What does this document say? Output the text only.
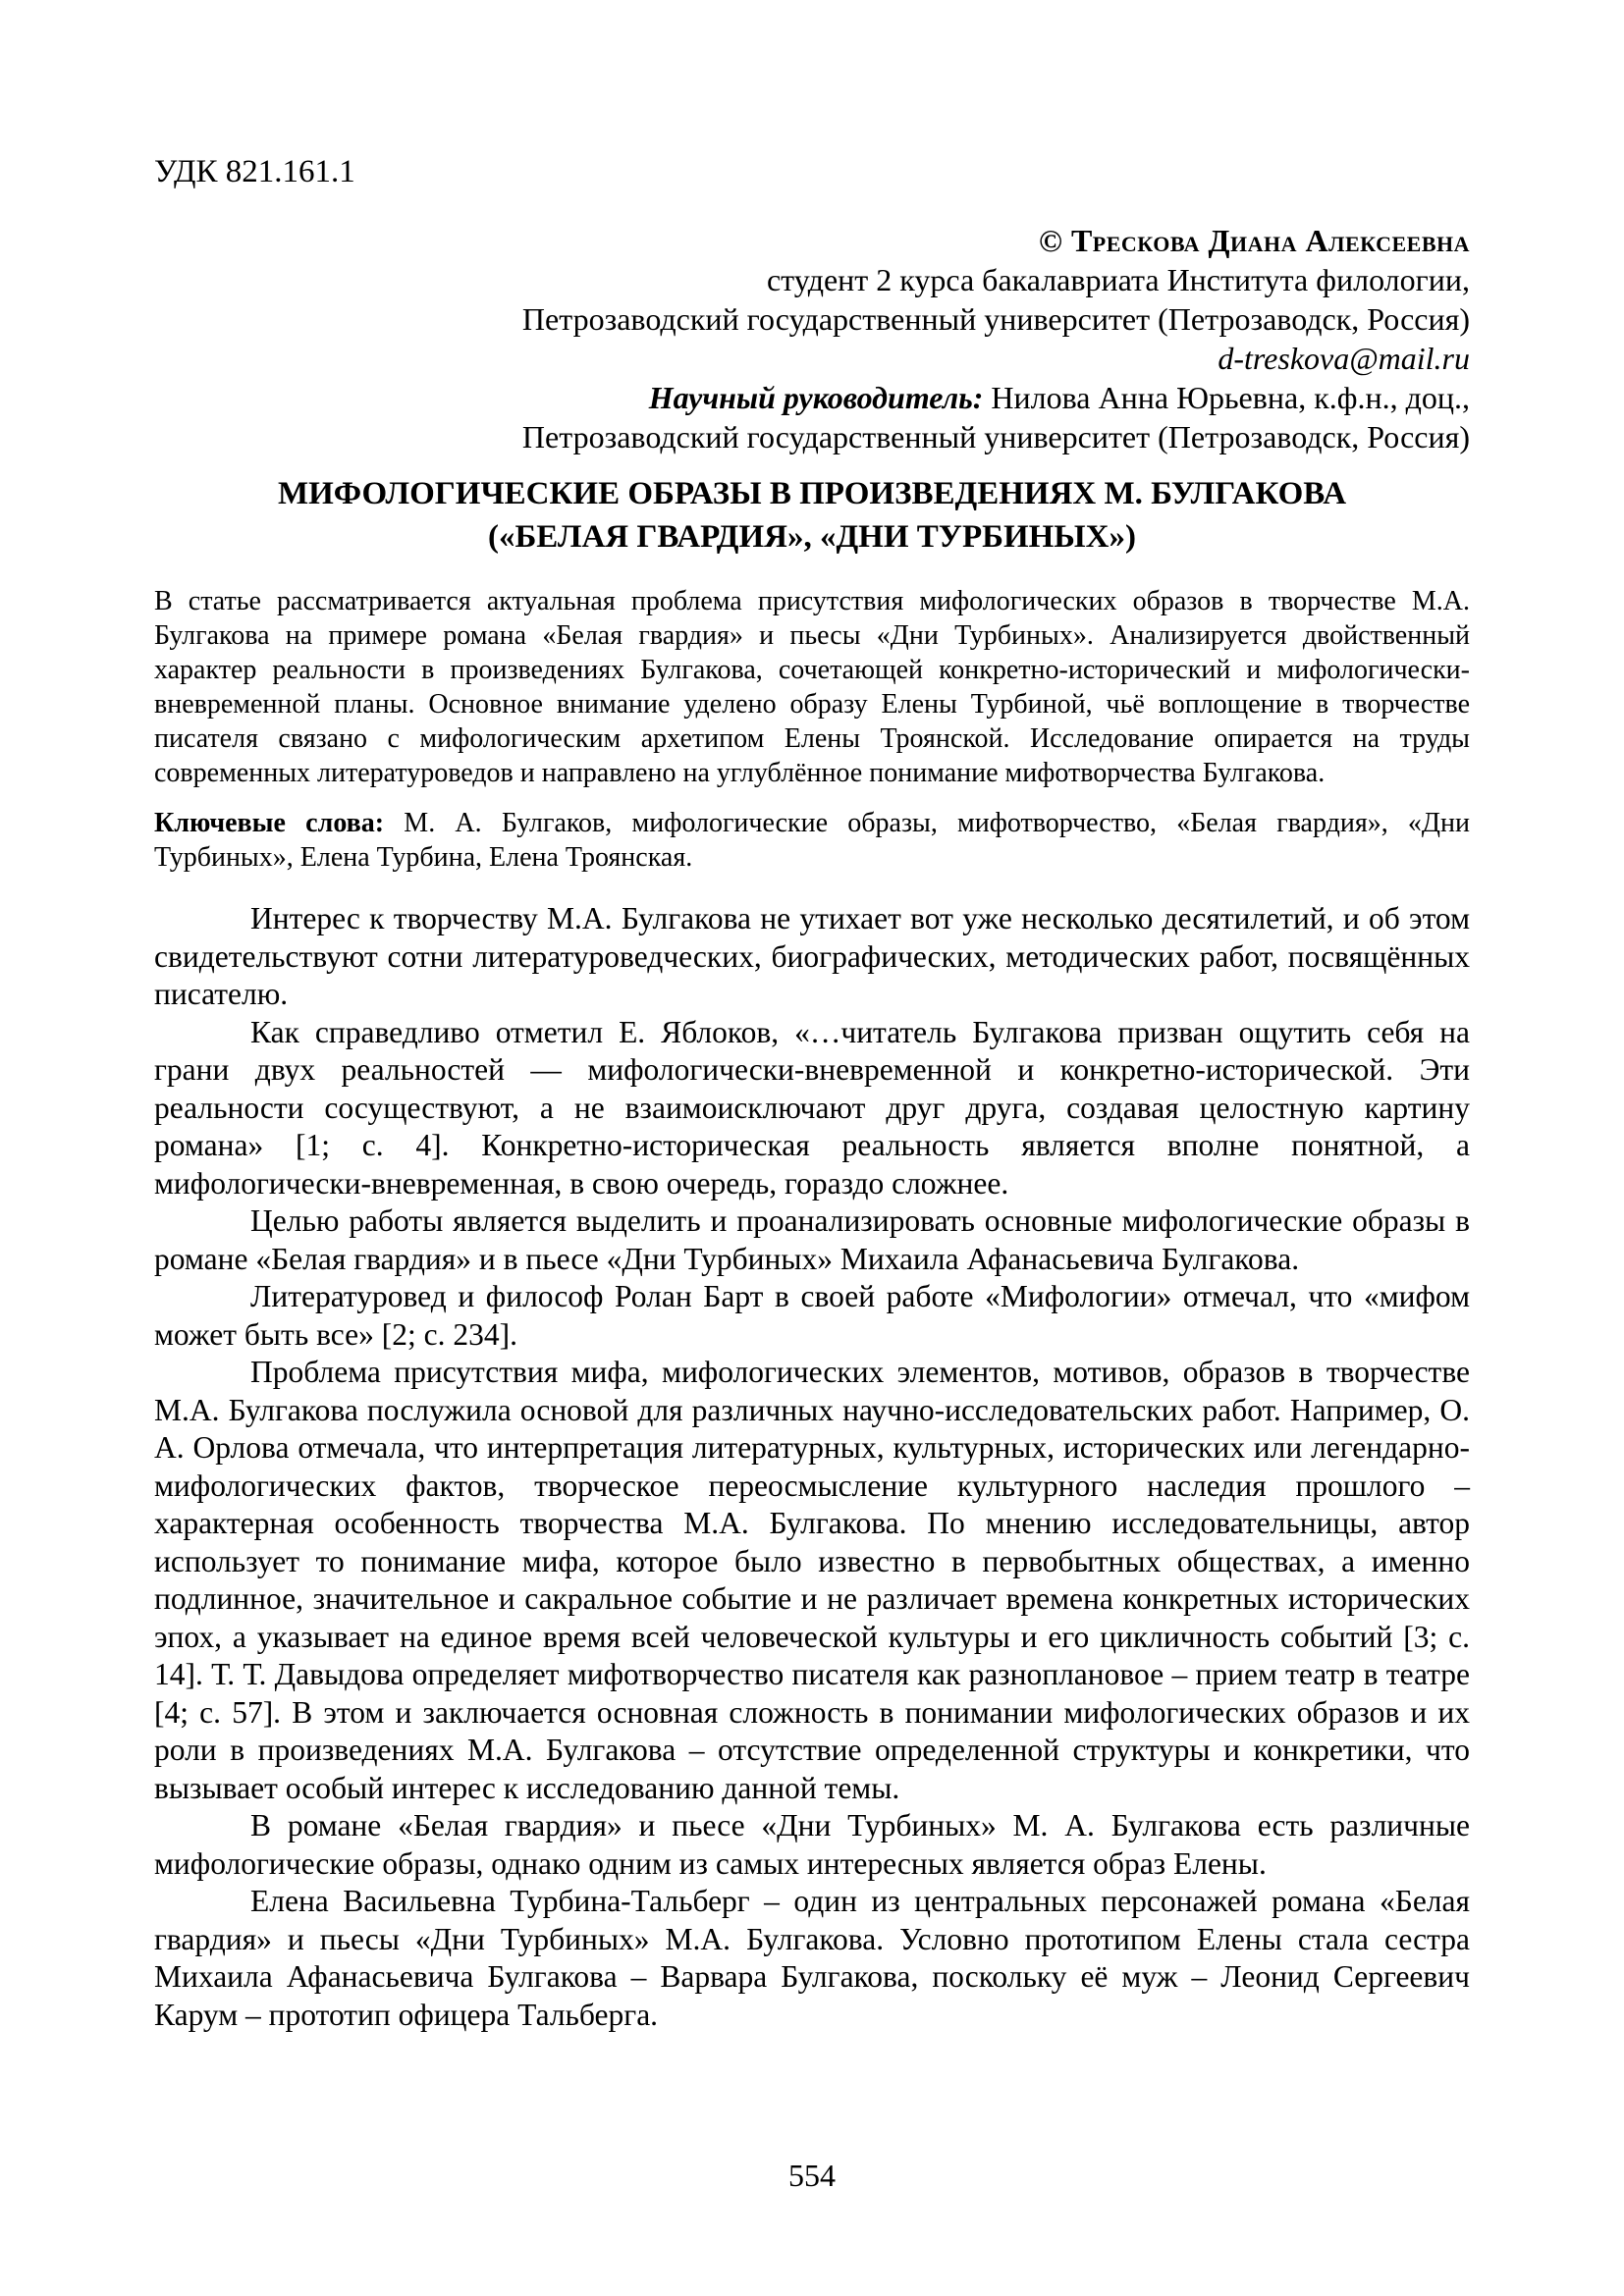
УДК 821.161.1
© Трескова Диана Алексеевна
студент 2 курса бакалавриата Института филологии,
Петрозаводский государственный университет (Петрозаводск, Россия)
d-treskova@mail.ru
Научный руководитель: Нилова Анна Юрьевна, к.ф.н., доц.,
Петрозаводский государственный университет (Петрозаводск, Россия)
МИФОЛОГИЧЕСКИЕ ОБРАЗЫ В ПРОИЗВЕДЕНИЯХ М. БУЛГАКОВА
(«БЕЛАЯ ГВАРДИЯ», «ДНИ ТУРБИНЫХ»)

В статье рассматривается актуальная проблема присутствия мифологических образов в творчестве М.А. Булгакова на примере романа «Белая гвардия» и пьесы «Дни Турбиных». Анализируется двойственный характер реальности в произведениях Булгакова, сочетающей конкретно-исторический и мифологически-вневременной планы. Основное внимание уделено образу Елены Турбиной, чьё воплощение в творчестве писателя связано с мифологическим архетипом Елены Троянской. Исследование опирается на труды современных литературоведов и направлено на углублённое понимание мифотворчества Булгакова.

Ключевые слова: М. А. Булгаков, мифологические образы, мифотворчество, «Белая гвардия», «Дни Турбиных», Елена Турбина, Елена Троянская.

Интерес к творчеству М.А. Булгакова не утихает вот уже несколько десятилетий, и об этом свидетельствуют сотни литературоведческих, биографических, методических работ, посвящённых писателю.

Как справедливо отметил Е. Яблоков, «…читатель Булгакова призван ощутить себя на грани двух реальностей — мифологически-вневременной и конкретно-исторической. Эти реальности сосуществуют, а не взаимоисключают друг друга, создавая целостную картину романа» [1; с. 4]. Конкретно-историческая реальность является вполне понятной, а мифологически-вневременная, в свою очередь, гораздо сложнее.

Целью работы является выделить и проанализировать основные мифологические образы в романе «Белая гвардия» и в пьесе «Дни Турбиных» Михаила Афанасьевича Булгакова.

Литературовед и философ Ролан Барт в своей работе «Мифологии» отмечал, что «мифом может быть все» [2; с. 234].

Проблема присутствия мифа, мифологических элементов, мотивов, образов в творчестве М.А. Булгакова послужила основой для различных научно-исследовательских работ. Например, О. А. Орлова отмечала, что интерпретация литературных, культурных, исторических или легендарно-мифологических фактов, творческое переосмысление культурного наследия прошлого – характерная особенность творчества М.А. Булгакова. По мнению исследовательницы, автор использует то понимание мифа, которое было известно в первобытных обществах, а именно подлинное, значительное и сакральное событие и не различает времена конкретных исторических эпох, а указывает на единое время всей человеческой культуры и его цикличность событий [3; с. 14]. Т. Т. Давыдова определяет мифотворчество писателя как разноплановое – прием театр в театре [4; с. 57]. В этом и заключается основная сложность в понимании мифологических образов и их роли в произведениях М.А. Булгакова – отсутствие определенной структуры и конкретики, что вызывает особый интерес к исследованию данной темы.

В романе «Белая гвардия» и пьесе «Дни Турбиных» М. А. Булгакова есть различные мифологические образы, однако одним из самых интересных является образ Елены.

Елена Васильевна Турбина-Тальберг – один из центральных персонажей романа «Белая гвардия» и пьесы «Дни Турбиных» М.А. Булгакова. Условно прототипом Елены стала сестра Михаила Афанасьевича Булгакова – Варвара Булгакова, поскольку её муж – Леонид Сергеевич Карум – прототип офицера Тальберга.

554
